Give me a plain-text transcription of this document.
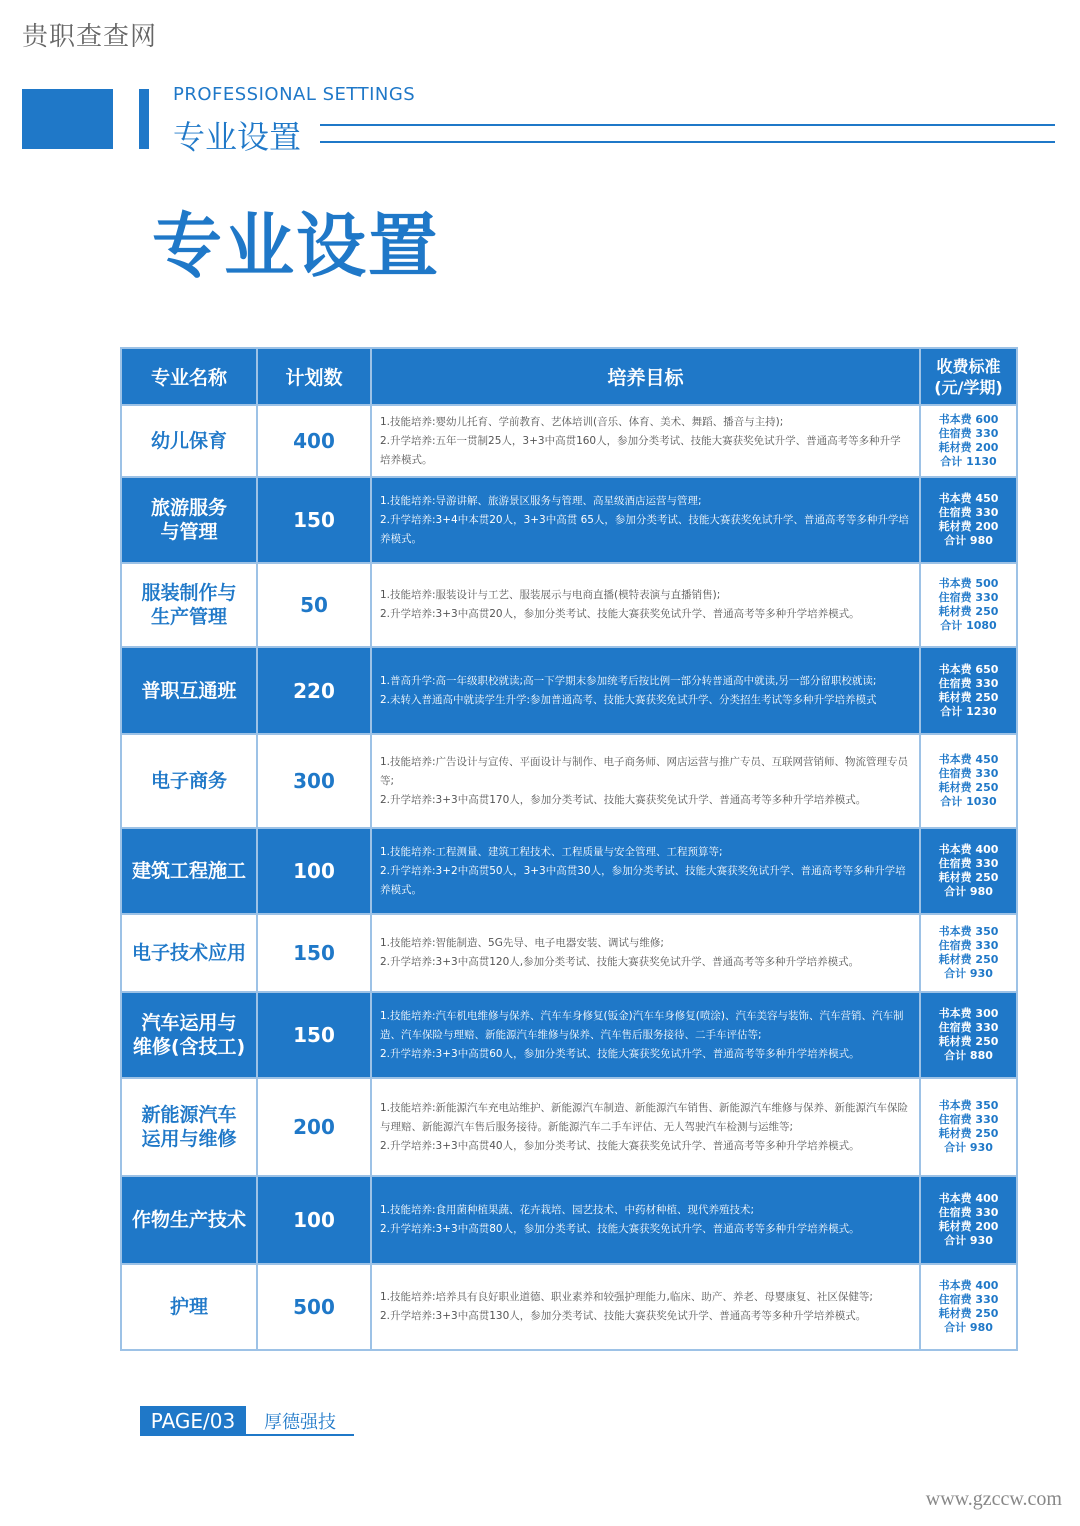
贵职查查网
PROFESSIONAL SETTINGS
专业设置
专业设置
专业名称	计划数	培养目标	收费标准
(元/学期)

幼儿保育	400	1.技能培养:婴幼儿托育、学前教育、艺体培训(音乐、体育、美术、舞蹈、播音与主持);
2.升学培养:五年一贯制25人，3+3中高贯160人，参加分类考试、技能大赛获奖免试升学、普通高考等多种升学培养模式。	书本费 600
住宿费 330
耗材费 200
合计 1130

旅游服务
与管理	150	1.技能培养:导游讲解、旅游景区服务与管理、高星级酒店运营与管理;
2.升学培养:3+4中本贯20人，3+3中高贯 65人，参加分类考试、技能大赛获奖免试升学、普通高考等多种升学培养模式。	书本费 450
住宿费 330
耗材费 200
合计 980

服装制作与
生产管理	50	1.技能培养:服装设计与工艺、服装展示与电商直播(模特表演与直播销售);
2.升学培养:3+3中高贯20人，参加分类考试、技能大赛获奖免试升学、普通高考等多种升学培养模式。	书本费 500
住宿费 330
耗材费 250
合计 1080

普职互通班	220	1.普高升学:高一年级职校就读;高一下学期末参加统考后按比例一部分转普通高中就读,另一部分留职校就读;
2.未转入普通高中就读学生升学:参加普通高考、技能大赛获奖免试升学、分类招生考试等多种升学培养模式	书本费 650
住宿费 330
耗材费 250
合计 1230

电子商务	300	1.技能培养:广告设计与宣传、平面设计与制作、电子商务师、网店运营与推广专员、互联网营销师、物流管理专员等;
2.升学培养:3+3中高贯170人，参加分类考试、技能大赛获奖免试升学、普通高考等多种升学培养模式。	书本费 450
住宿费 330
耗材费 250
合计 1030

建筑工程施工	100	1.技能培养:工程测量、建筑工程技术、工程质量与安全管理、工程预算等;
2.升学培养:3+2中高贯50人，3+3中高贯30人，参加分类考试、技能大赛获奖免试升学、普通高考等多种升学培养模式。	书本费 400
住宿费 330
耗材费 250
合计 980

电子技术应用	150	1.技能培养:智能制造、5G先导、电子电器安装、调试与维修;
2.升学培养:3+3中高贯120人,参加分类考试、技能大赛获奖免试升学、普通高考等多种升学培养模式。	书本费 350
住宿费 330
耗材费 250
合计 930

汽车运用与
维修(含技工)	150	1.技能培养:汽车机电维修与保养、汽车车身修复(钣金)汽车车身修复(喷涂)、汽车美容与装饰、汽车营销、汽车制造、汽车保险与理赔、新能源汽车维修与保养、汽车售后服务接待、二手车评估等;
2.升学培养:3+3中高贯60人，参加分类考试、技能大赛获奖免试升学、普通高考等多种升学培养模式。	书本费 300
住宿费 330
耗材费 250
合计 880

新能源汽车
运用与维修	200	1.技能培养:新能源汽车充电站维护、新能源汽车制造、新能源汽车销售、新能源汽车维修与保养、新能源汽车保险与理赔、新能源汽车售后服务接待。新能源汽车二手车评估、无人驾驶汽车检测与运维等;
2.升学培养:3+3中高贯40人，参加分类考试、技能大赛获奖免试升学、普通高考等多种升学培养模式。	书本费 350
住宿费 330
耗材费 250
合计 930

作物生产技术	100	1.技能培养:食用菌种植果蔬、花卉栽培、园艺技术、中药材种植、现代养殖技术;
2.升学培养:3+3中高贯80人，参加分类考试、技能大赛获奖免试升学、普通高考等多种升学培养模式。	书本费 400
住宿费 330
耗材费 200
合计 930

护理	500	1.技能培养:培养具有良好职业道德、职业素养和较强护理能力,临床、助产、养老、母婴康复、社区保健等;
2.升学培养:3+3中高贯130人，参加分类考试、技能大赛获奖免试升学、普通高考等多种升学培养模式。	书本费 400
住宿费 330
耗材费 250
合计 980
PAGE/03	厚德强技
www.gzccw.com
